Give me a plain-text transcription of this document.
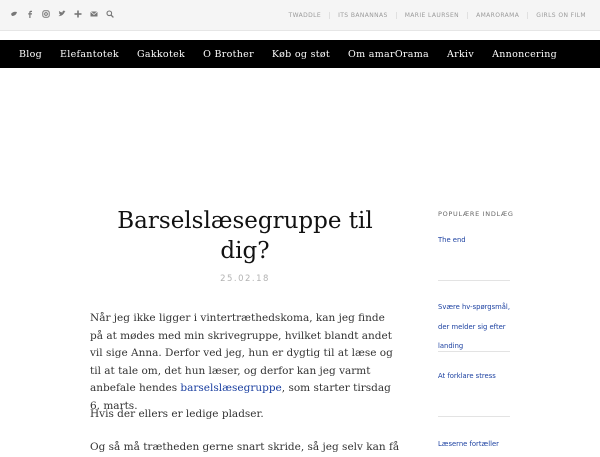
TWADDLE	ITS BANANNAS	MARIE LAURSEN	AMARORAMA	GIRLS ON FILM
Blog	Elefantotek	Gakkotek	O Brother	Køb og støt	Om amarOrama	Arkiv	Annoncering
Barselslæsegruppe til dig?
25.02.18

Når jeg ikke ligger i vintertræthedskoma, kan jeg finde på at mødes med min skrivegruppe, hvilket blandt andet vil sige Anna. Derfor ved jeg, hun er dygtig til at læse og til at tale om, det hun læser, og derfor kan jeg varmt anbefale hendes barselslæsegruppe, som starter tirsdag 6. marts.

Hvis der ellers er ledige pladser.

Og så må trætheden gerne snart skride, så jeg selv kan få

POPULÆRE INDLÆG
The end
Svære hv-spørgsmål, der melder sig efter landing
At forklare stress
Læserne fortæller
